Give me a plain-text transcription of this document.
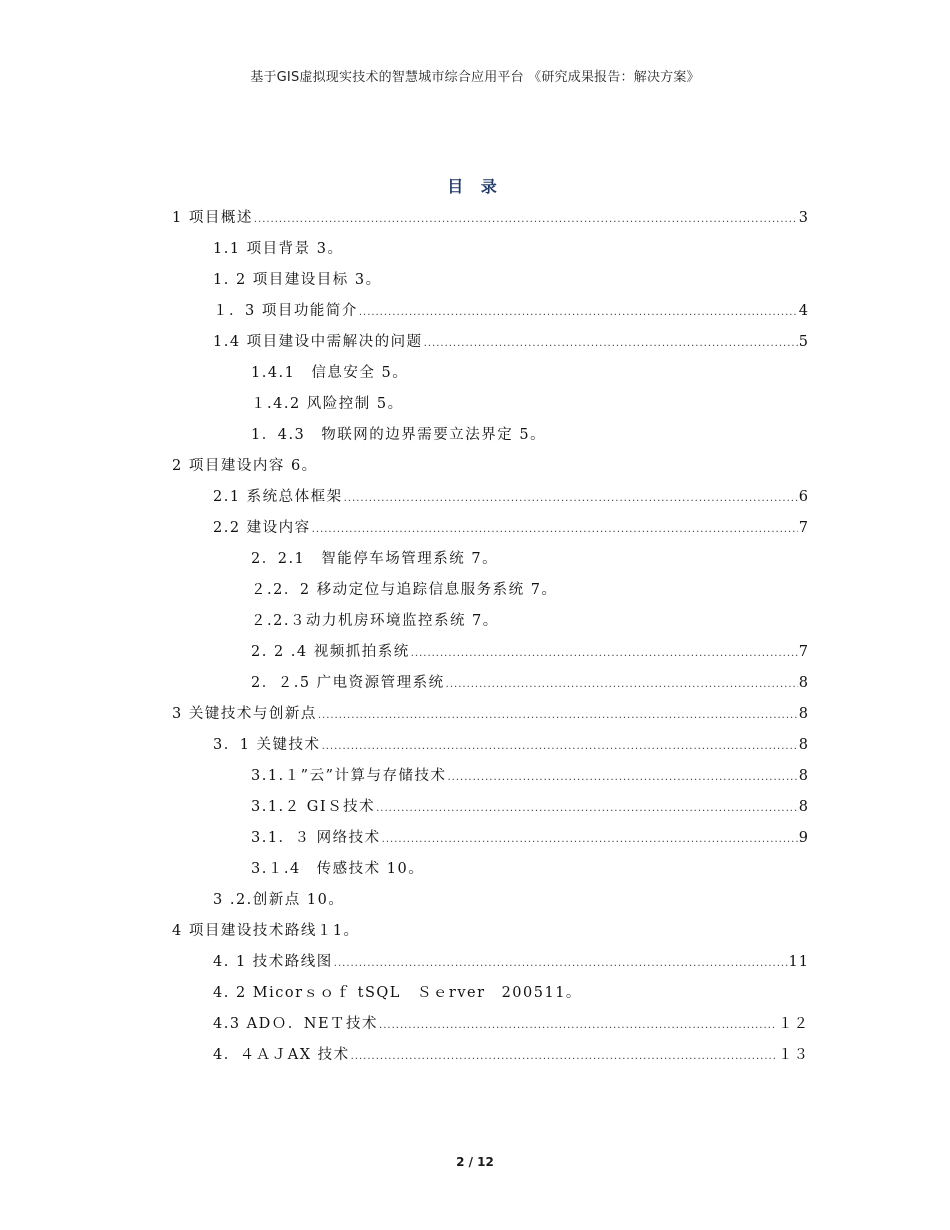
基于GIS虚拟现实技术的智慧城市综合应用平台 《研究成果报告：解决方案》
目 录
1 项目概述 .....	3
1.1 项目背景 3。
1. 2 项目建设目标 3。
１．3 项目功能简介 .....	4
1.4 项目建设中需解决的问题 .....	5
1.4.1　信息安全 5。
１.4.2 风险控制 5。
1．4.3　物联网的边界需要立法界定 5。
2 项目建设内容 6。
2.1 系统总体框架 .....	6
2.2 建设内容 .....	7
2．2.1　智能停车场管理系统 7。
２.2．2 移动定位与追踪信息服务系统 7。
２.2.３动力机房环境监控系统 7。
2. 2 .4 视频抓拍系统 .....	7
2．２.5 广电资源管理系统 .....	8
3 关键技术与创新点 .....	8
3．1 关键技术 .....	8
3.1.１”云”计算与存储技术 .....	8
3.1.２ GIＳ技术 .....	8
3.1．３ 网络技术 .....	9
3.１.4　传感技术 10。
3 .2.创新点 10。
4 项目建设技术路线１1。
4. 1 技术路线图 .....	11
4. 2 Micorｓｏｆ tSQL　Ｓｅrver　200511。
4.3 ADＯ．NEＴ技术 .....	１２
4．４ＡＪAX 技术 .....	１３
2 / 12
